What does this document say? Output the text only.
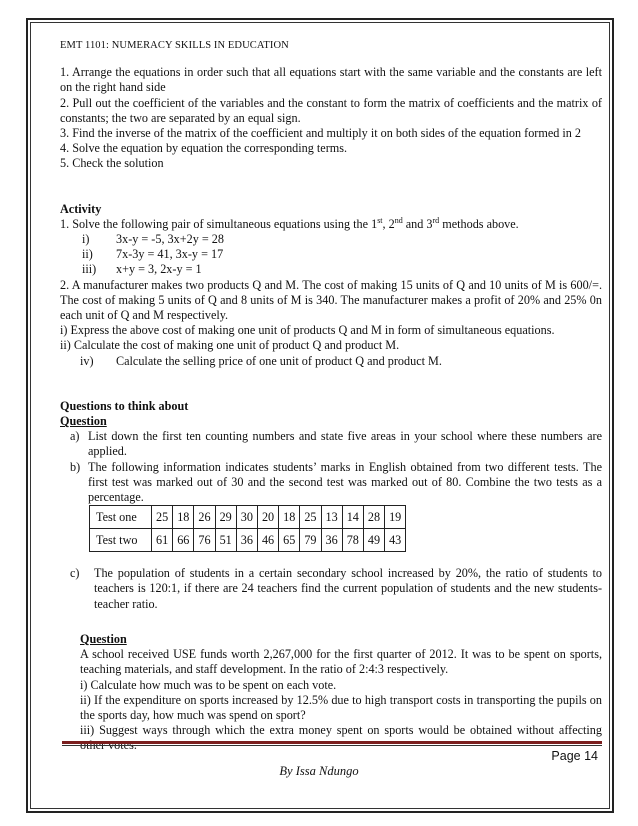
EMT 1101: NUMERACY SKILLS IN EDUCATION
1. Arrange the equations in order such that all equations start with the same variable and the constants are left on the right hand side
2. Pull out the coefficient of the variables and the constant to form the matrix of coefficients and the matrix of constants; the two are separated by an equal sign.
3. Find the inverse of the matrix of the coefficient and multiply it on both sides of the equation formed in 2
4. Solve the equation by equation the corresponding terms.
5. Check the solution
Activity
1. Solve the following pair of simultaneous equations using the 1st, 2nd and 3rd methods above.
i)	3x-y = -5, 3x+2y = 28
ii)	7x-3y = 41, 3x-y = 17
iii)	x+y = 3, 2x-y = 1
2. A manufacturer makes two products Q and M. The cost of making 15 units of Q and 10 units of M is 600/=. The cost of making 5 units of Q and 8 units of M is 340. The manufacturer makes a profit of 20% and 25% 0n each unit of Q and M respectively.
i) Express the above cost of making one unit of products Q and M in form of simultaneous equations.
ii) Calculate the cost of making one unit of product Q and product M.
iv)	Calculate the selling price of one unit of product Q and product M.
Questions to think about
Question
a) List down the first ten counting numbers and state five areas in your school where these numbers are applied.
b) The following information indicates students’ marks in English obtained from two different tests. The first test was marked out of 30 and the second test was marked out of 80. Combine the two tests as a percentage.
Test one	25	18	26	29	30	20	18	25	13	14	28	19
Test two	61	66	76	51	36	46	65	79	36	78	49	43
c)	The population of students in a certain secondary school increased by 20%, the ratio of students to teachers is 120:1, if there are 24 teachers find the current population of students and the new students-teacher ratio.
Question
A school received USE funds worth 2,267,000 for the first quarter of 2012. It was to be spent on sports, teaching materials, and staff development. In the ratio of 2:4:3 respectively.
i) Calculate how much was to be spent on each vote.
ii) If the expenditure on sports increased by 12.5% due to high transport costs in transporting the pupils on the sports day, how much was spend on sport?
iii) Suggest ways through which the extra money spent on sports would be obtained without affecting
Page 14
By Issa Ndungo
